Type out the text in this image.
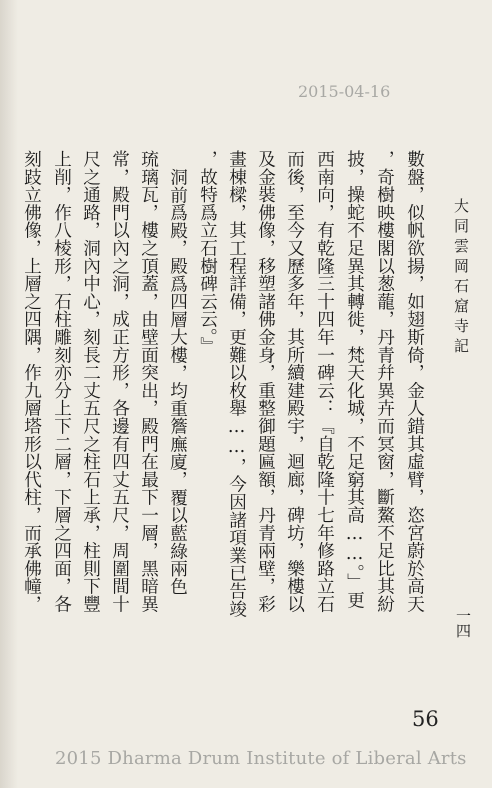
2015-04-16
大同雲岡石窟寺記
一四
數盤，似帆欲揚，如翅斯倚，金人錯其虛臂，恣宮蔚於高天
，奇樹映樓閣以葱蘢，丹青幷異卉而冥窗，斷鰲不足比其紛
披，操蛇不足異其轉徙，梵天化城，不足窮其高……。」更
西南向，有乾隆三十四年一碑云：『自乾隆十七年修路立石
而後，至今又歷多年，其所續建殿宇，迴廊，碑坊，樂樓以
及金裝佛像，移塑諸佛金身，重整御題匾額，丹青兩壁，彩
畫棟樑，其工程詳備，更難以枚舉……，今因諸項業已告竣
，故特爲立石樹碑云云。』
洞前爲殿，殿爲四層大樓，均重簷廡廈，覆以藍綠兩色
琉璃瓦，樓之頂蓋，由壁面突出，殿門在最下一層，黑暗異
常，殿門以內之洞，成正方形，各邊有四丈五尺，周圍間十
尺之通路，洞內中心，刻長二丈五尺之柱石上承，柱則下豐
上削，作八棱形，石柱雕刻亦分上下二層，下層之四面，各
刻跂立佛像，上層之四隅，作九層塔形以代柱，而承佛幢，
56
2015 Dharma Drum Institute of Liberal Arts
